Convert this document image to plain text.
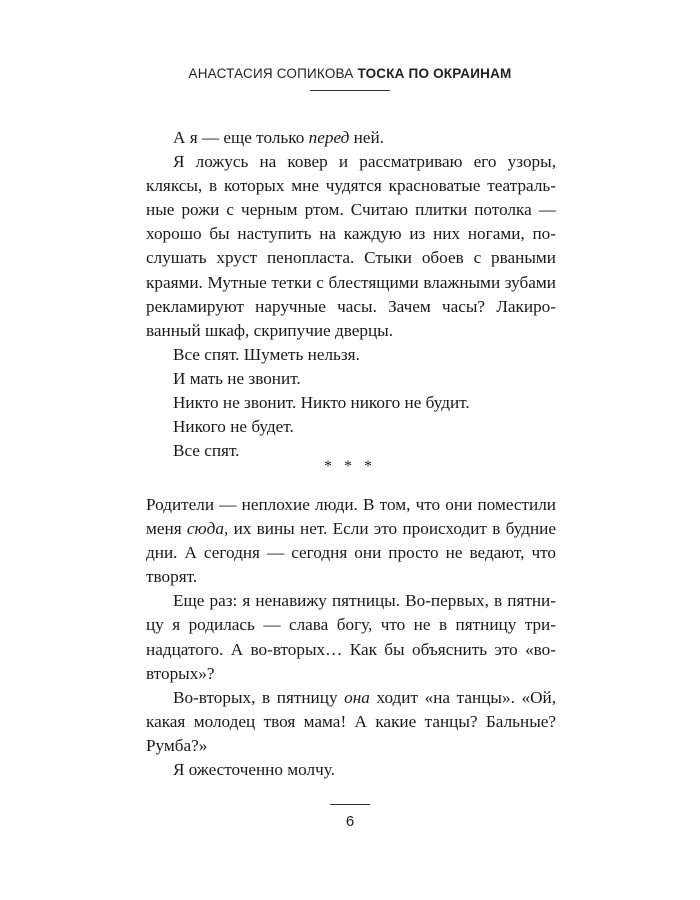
АНАСТАСИЯ СОПИКОВА ТОСКА ПО ОКРАИНАМ

А я — еще только перед ней.

Я ложусь на ковер и рассматриваю его узоры, кляксы, в которых мне чудятся красноватые театральные рожи с черным ртом. Считаю плитки потолка — хорошо бы наступить на каждую из них ногами, послушать хруст пенопласта. Стыки обоев с рваными краями. Мутные тетки с блестящими влажными зубами рекламируют наручные часы. Зачем часы? Лакированный шкаф, скрипучие дверцы.

Все спят. Шуметь нельзя.

И мать не звонит.

Никто не звонит. Никто никого не будит.

Никого не будет.

Все спят.

* * *

Родители — неплохие люди. В том, что они поместили меня сюда, их вины нет. Если это происходит в будние дни. А сегодня — сегодня они просто не ведают, что творят.

Еще раз: я ненавижу пятницы. Во-первых, в пятницу я родилась — слава богу, что не в пятницу тринадцатого. А во-вторых… Как бы объяснить это «во-вторых»?

Во-вторых, в пятницу она ходит «на танцы». «Ой, какая молодец твоя мама! А какие танцы? Бальные? Румба?»

Я ожесточенно молчу.

6
